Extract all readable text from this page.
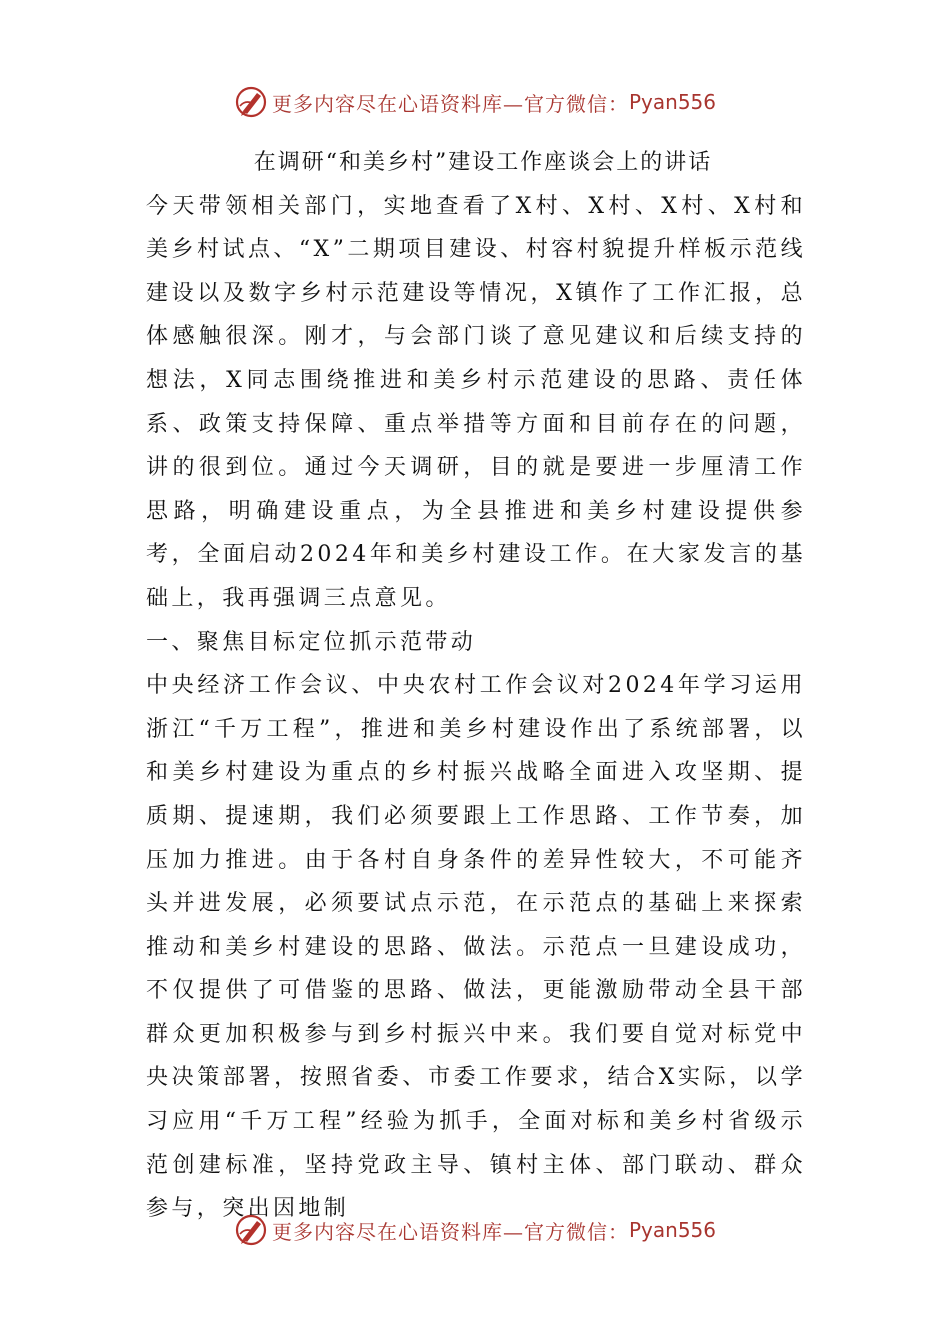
更多内容尽在心语资料库—官方微信： Pyan556

在调研“和美乡村”建设工作座谈会上的讲话

今天带领相关部门，实地查看了X村、X村、X村、X村和美乡村试点、“X”二期项目建设、村容村貌提升样板示范线建设以及数字乡村示范建设等情况，X镇作了工作汇报，总体感触很深。刚才，与会部门谈了意见建议和后续支持的想法，X同志围绕推进和美乡村示范建设的思路、责任体系、政策支持保障、重点举措等方面和目前存在的问题，讲的很到位。通过今天调研，目的就是要进一步厘清工作思路，明确建设重点，为全县推进和美乡村建设提供参考，全面启动2024年和美乡村建设工作。在大家发言的基础上，我再强调三点意见。

一、聚焦目标定位抓示范带动

中央经济工作会议、中央农村工作会议对2024年学习运用浙江“千万工程”，推进和美乡村建设作出了系统部署，以和美乡村建设为重点的乡村振兴战略全面进入攻坚期、提质期、提速期，我们必须要跟上工作思路、工作节奏，加压加力推进。由于各村自身条件的差异性较大，不可能齐头并进发展，必须要试点示范，在示范点的基础上来探索推动和美乡村建设的思路、做法。示范点一旦建设成功，不仅提供了可借鉴的思路、做法，更能激励带动全县干部群众更加积极参与到乡村振兴中来。我们要自觉对标党中央决策部署，按照省委、市委工作要求，结合X实际，以学习应用“千万工程”经验为抓手，全面对标和美乡村省级示范创建标准，坚持党政主导、镇村主体、部门联动、群众参与，突出因地制

更多内容尽在心语资料库—官方微信： Pyan556
